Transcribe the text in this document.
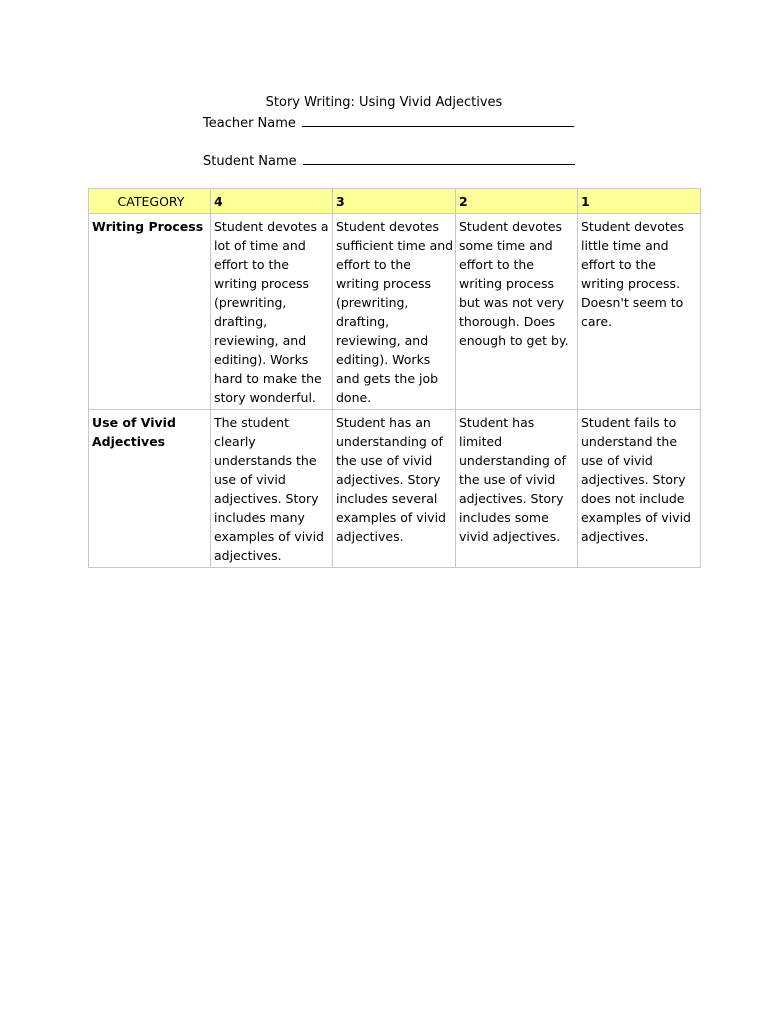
Story Writing: Using Vivid Adjectives
Teacher Name
Student Name
CATEGORY	4	3	2	1
Writing Process	Student devotes a lot of time and effort to the writing process (prewriting, drafting, reviewing, and editing). Works hard to make the story wonderful.	Student devotes sufficient time and effort to the writing process (prewriting, drafting, reviewing, and editing). Works and gets the job done.	Student devotes some time and effort to the writing process but was not very thorough. Does enough to get by.	Student devotes little time and effort to the writing process. Doesn't seem to care.
Use of Vivid Adjectives	The student clearly understands the use of vivid adjectives. Story includes many examples of vivid adjectives.	Student has an understanding of the use of vivid adjectives. Story includes several examples of vivid adjectives.	Student has limited understanding of the use of vivid adjectives. Story includes some vivid adjectives.	Student fails to understand the use of vivid adjectives. Story does not include examples of vivid adjectives.
